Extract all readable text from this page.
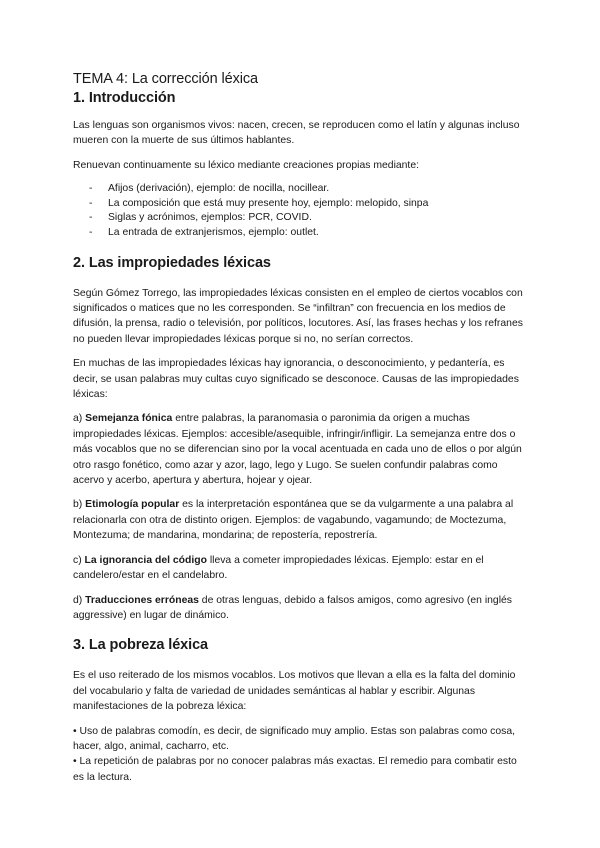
TEMA 4: La corrección léxica
1. Introducción

Las lenguas son organismos vivos: nacen, crecen, se reproducen como el latín y algunas incluso mueren con la muerte de sus últimos hablantes.

Renuevan continuamente su léxico mediante creaciones propias mediante:

- Afijos (derivación), ejemplo: de nocilla, nocillear.
- La composición que está muy presente hoy, ejemplo: melopido, sinpa
- Siglas y acrónimos, ejemplos: PCR, COVID.
- La entrada de extranjerismos, ejemplo: outlet.
2. Las impropiedades léxicas

Según Gómez Torrego, las impropiedades léxicas consisten en el empleo de ciertos vocablos con significados o matices que no les corresponden. Se “infiltran” con frecuencia en los medios de difusión, la prensa, radio o televisión, por políticos, locutores. Así, las frases hechas y los refranes no pueden llevar impropiedades léxicas porque si no, no serían correctos.

En muchas de las impropiedades léxicas hay ignorancia, o desconocimiento, y pedantería, es decir, se usan palabras muy cultas cuyo significado se desconoce. Causas de las impropiedades léxicas:

a) Semejanza fónica entre palabras, la paranomasia o paronimia da origen a muchas impropiedades léxicas. Ejemplos: accesible/asequible, infringir/infligir. La semejanza entre dos o más vocablos que no se diferencian sino por la vocal acentuada en cada uno de ellos o por algún otro rasgo fonético, como azar y azor, lago, lego y Lugo. Se suelen confundir palabras como acervo y acerbo, apertura y abertura, hojear y ojear.

b) Etimología popular es la interpretación espontánea que se da vulgarmente a una palabra al relacionarla con otra de distinto origen. Ejemplos: de vagabundo, vagamundo; de Moctezuma, Montezuma; de mandarina, mondarina; de repostería, repostrería.

c) La ignorancia del código lleva a cometer impropiedades léxicas. Ejemplo: estar en el candelero/estar en el candelabro.

d) Traducciones erróneas de otras lenguas, debido a falsos amigos, como agresivo (en inglés aggressive) en lugar de dinámico.

3. La pobreza léxica

Es el uso reiterado de los mismos vocablos. Los motivos que llevan a ella es la falta del dominio del vocabulario y falta de variedad de unidades semánticas al hablar y escribir. Algunas manifestaciones de la pobreza léxica:

• Uso de palabras comodín, es decir, de significado muy amplio. Estas son palabras como cosa, hacer, algo, animal, cacharro, etc.

• La repetición de palabras por no conocer palabras más exactas. El remedio para combatir esto es la lectura.
